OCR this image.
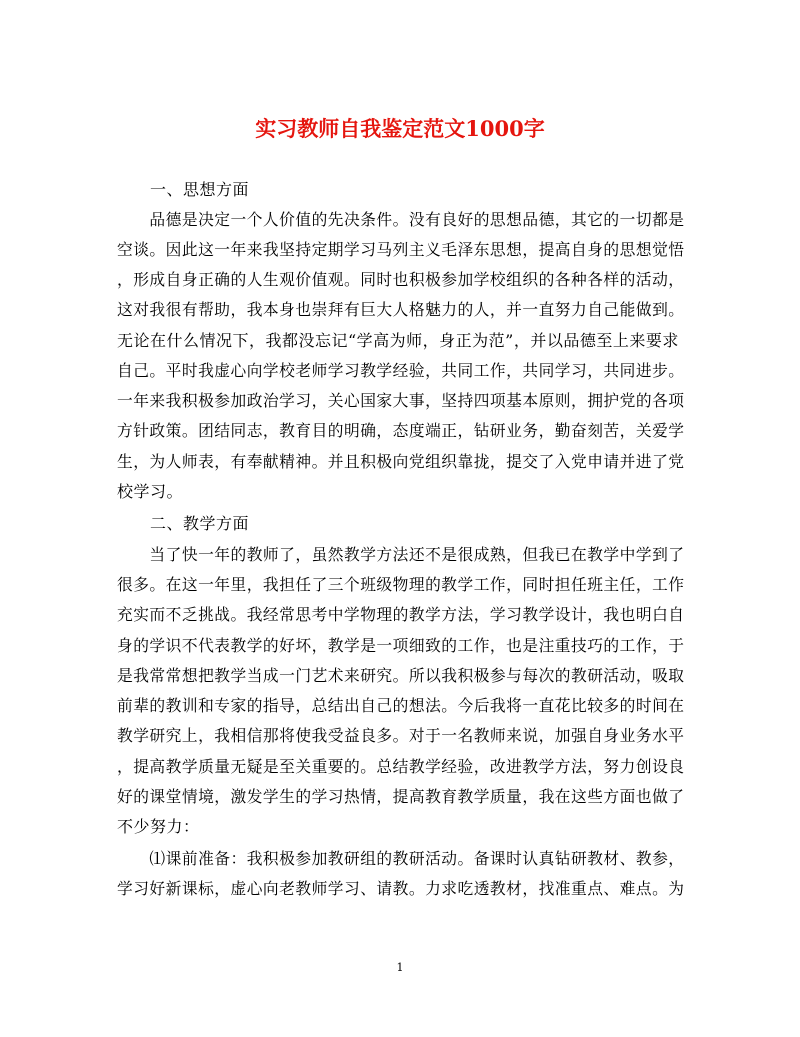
实习教师自我鉴定范文1000字
　　一、思想方面
　　品德是决定一个人价值的先决条件。没有良好的思想品德，其它的一切都是
空谈。因此这一年来我坚持定期学习马列主义毛泽东思想，提高自身的思想觉悟
，形成自身正确的人生观价值观。同时也积极参加学校组织的各种各样的活动，
这对我很有帮助，我本身也崇拜有巨大人格魅力的人，并一直努力自己能做到。
无论在什么情况下，我都没忘记“学高为师，身正为范”，并以品德至上来要求
自己。平时我虚心向学校老师学习教学经验，共同工作，共同学习，共同进步。
一年来我积极参加政治学习，关心国家大事，坚持四项基本原则，拥护党的各项
方针政策。团结同志，教育目的明确，态度端正，钻研业务，勤奋刻苦，关爱学
生，为人师表，有奉献精神。并且积极向党组织靠拢，提交了入党申请并进了党
校学习。
　　二、教学方面
　　当了快一年的教师了，虽然教学方法还不是很成熟，但我已在教学中学到了
很多。在这一年里，我担任了三个班级物理的教学工作，同时担任班主任，工作
充实而不乏挑战。我经常思考中学物理的教学方法，学习教学设计，我也明白自
身的学识不代表教学的好坏，教学是一项细致的工作，也是注重技巧的工作，于
是我常常想把教学当成一门艺术来研究。所以我积极参与每次的教研活动，吸取
前辈的教训和专家的指导，总结出自己的想法。今后我将一直花比较多的时间在
教学研究上，我相信那将使我受益良多。对于一名教师来说，加强自身业务水平
，提高教学质量无疑是至关重要的。总结教学经验，改进教学方法，努力创设良
好的课堂情境，激发学生的学习热情，提高教育教学质量，我在这些方面也做了
不少努力：
　　⑴课前准备：我积极参加教研组的教研活动。备课时认真钻研教材、教参，
学习好新课标，虚心向老教师学习、请教。力求吃透教材，找准重点、难点。为
1
